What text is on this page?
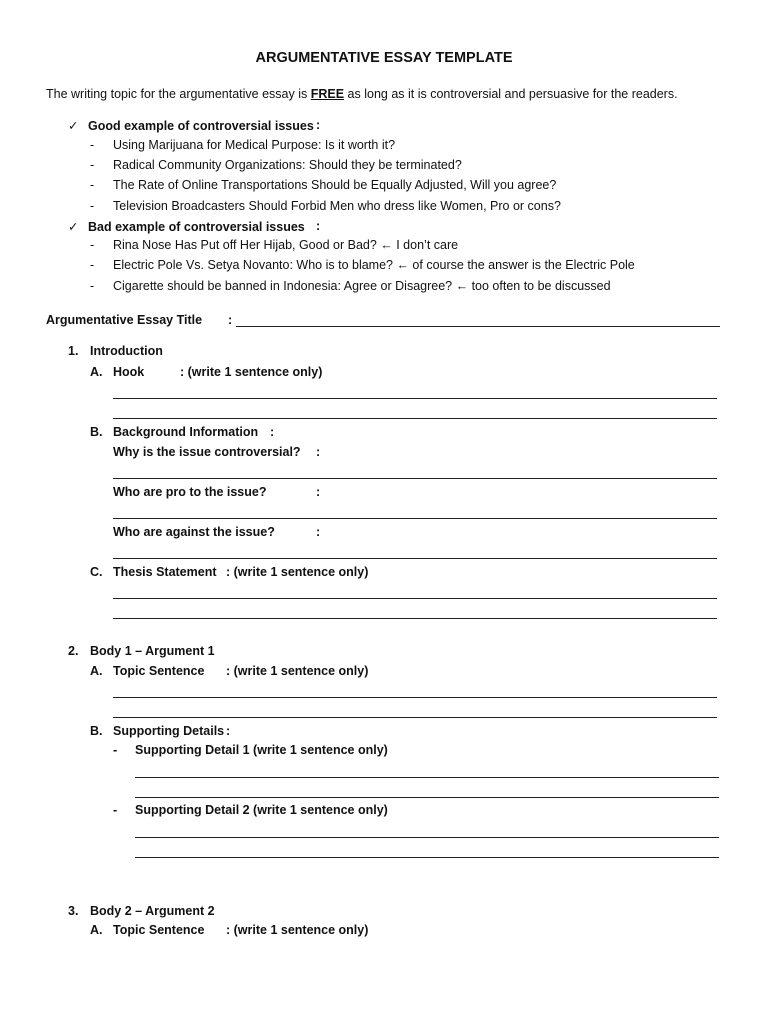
ARGUMENTATIVE ESSAY TEMPLATE
The writing topic for the argumentative essay is FREE as long as it is controversial and persuasive for the readers.
✓ Good example of controversial issues :
- Using Marijuana for Medical Purpose: Is it worth it?
- Radical Community Organizations: Should they be terminated?
- The Rate of Online Transportations Should be Equally Adjusted, Will you agree?
- Television Broadcasters Should Forbid Men who dress like Women, Pro or cons?
✓ Bad example of controversial issues :
- Rina Nose Has Put off Her Hijab, Good or Bad? ← I don’t care
- Electric Pole Vs. Setya Novanto: Who is to blame? ← of course the answer is the Electric Pole
- Cigarette should be banned in Indonesia: Agree or Disagree? ← too often to be discussed
Argumentative Essay Title :
1. Introduction
A. Hook	: (write 1 sentence only)
B. Background Information :
Why is the issue controversial? :
Who are pro to the issue?	:
Who are against the issue?	:
C. Thesis Statement : (write 1 sentence only)
2. Body 1 – Argument 1
A. Topic Sentence : (write 1 sentence only)
B. Supporting Details :
- Supporting Detail 1 (write 1 sentence only)
- Supporting Detail 2 (write 1 sentence only)
3. Body 2 – Argument 2
A. Topic Sentence : (write 1 sentence only)
